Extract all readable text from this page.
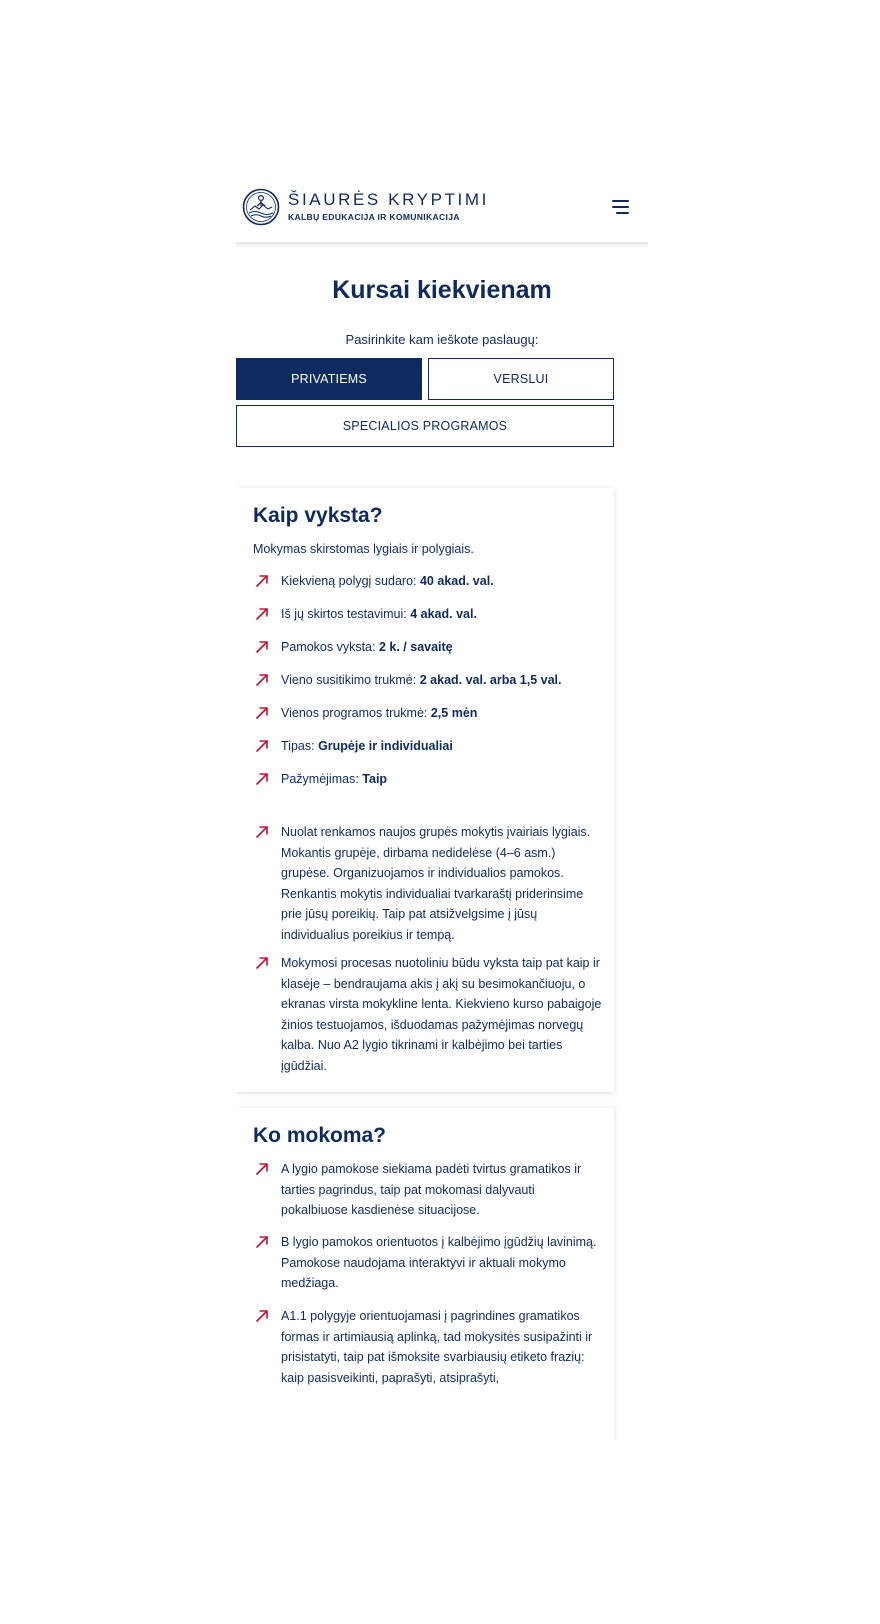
ŠIAURĖS KRYPTIMI
KALBŲ EDUKACIJA IR KOMUNIKACIJA
Kursai kiekvienam
Pasirinkite kam ieškote paslaugų:
PRIVATIEMS	VERSLUI
SPECIALIOS PROGRAMOS
Kaip vyksta?
Mokymas skirstomas lygiais ir polygiais.
Kiekvieną polygį sudaro: 40 akad. val.
Iš jų skirtos testavimui: 4 akad. val.
Pamokos vyksta: 2 k. / savaitę
Vieno susitikimo trukmė: 2 akad. val. arba 1,5 val.
Vienos programos trukmė: 2,5 mėn
Tipas: Grupėje ir individualiai
Pažymėjimas: Taip
Nuolat renkamos naujos grupės mokytis įvairiais lygiais. Mokantis grupėje, dirbama nedidelėse (4–6 asm.) grupėse. Organizuojamos ir individualios pamokos. Renkantis mokytis individualiai tvarkaraštį priderinsime prie jūsų poreikių. Taip pat atsižvelgsime į jūsų individualius poreikius ir tempą.
Mokymosi procesas nuotoliniu būdu vyksta taip pat kaip ir klasėje – bendraujama akis į akį su besimokančiuoju, o ekranas virsta mokykline lenta. Kiekvieno kurso pabaigoje žinios testuojamos, išduodamas pažymėjimas norvegų kalba. Nuo A2 lygio tikrinami ir kalbėjimo bei tarties įgūdžiai.
Ko mokoma?
A lygio pamokose siekiama padėti tvirtus gramatikos ir tarties pagrindus, taip pat mokomasi dalyvauti pokalbiuose kasdienėse situacijose.
B lygio pamokos orientuotos į kalbėjimo įgūdžių lavinimą. Pamokose naudojama interaktyvi ir aktuali mokymo medžiaga.
A1.1 polygyje orientuojamasi į pagrindines gramatikos formas ir artimiausią aplinką, tad mokysitės susipažinti ir prisistatyti, taip pat išmoksite svarbiausių etiketo frazių: kaip pasisveikinti, paprašyti, atsiprašyti,
